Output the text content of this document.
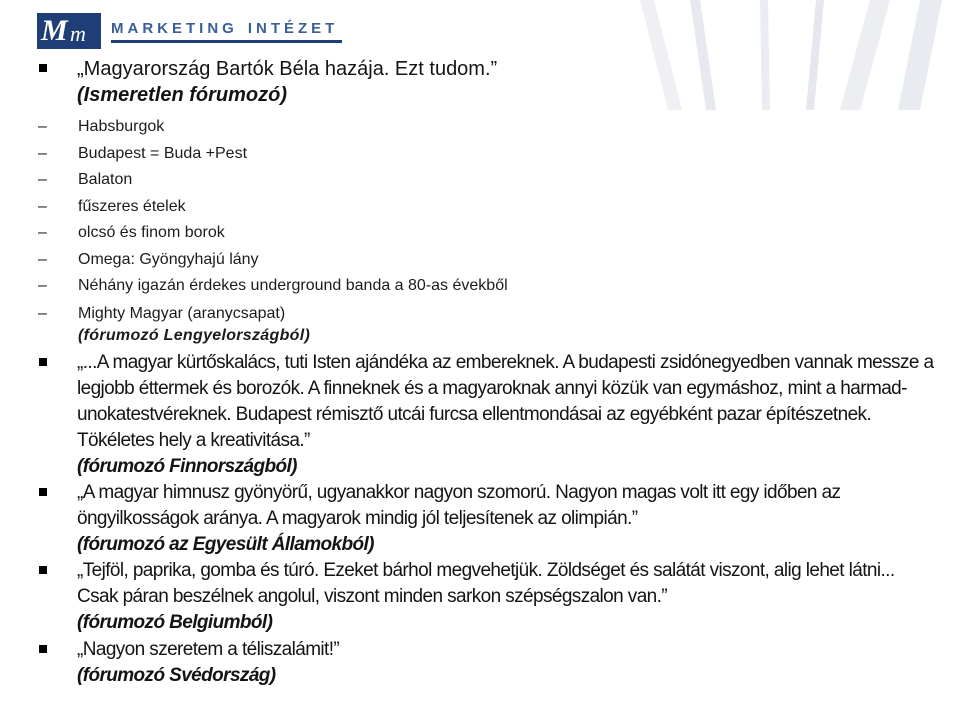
M m MARKETING INTÉZET
„Magyarország Bartók Béla hazája. Ezt tudom.”
(Ismeretlen fórumozó)
– Habsburgok
– Budapest = Buda +Pest
– Balaton
– fűszeres ételek
– olcsó és finom borok
– Omega: Gyöngyhajú lány
– Néhány igazán érdekes underground banda a 80-as évekből
– Mighty Magyar (aranycsapat)
(fórumozó Lengyelországból)
„...A magyar kürtőskalács, tuti Isten ajándéka az embereknek. A budapesti zsidónegyedben vannak messze a legjobb éttermek és borozók. A finneknek és a magyaroknak annyi közük van egymáshoz, mint a harmad-unokatestvéreknek. Budapest rémisztő utcái furcsa ellentmondásai az egyébként pazar építészetnek. Tökéletes hely a kreativitása.”
(fórumozó Finnországból)
„A magyar himnusz gyönyörű, ugyanakkor nagyon szomorú. Nagyon magas volt itt egy időben az öngyilkosságok aránya. A magyarok mindig jól teljesítenek az olimpián.”
(fórumozó az Egyesült Államokból)
„Tejföl, paprika, gomba és túró. Ezeket bárhol megvehetjük. Zöldséget és salátát viszont, alig lehet látni... Csak páran beszélnek angolul, viszont minden sarkon szépségszalon van.”
(fórumozó Belgiumból)
„Nagyon szeretem a téliszalámit!”
(fórumozó Svédország)
